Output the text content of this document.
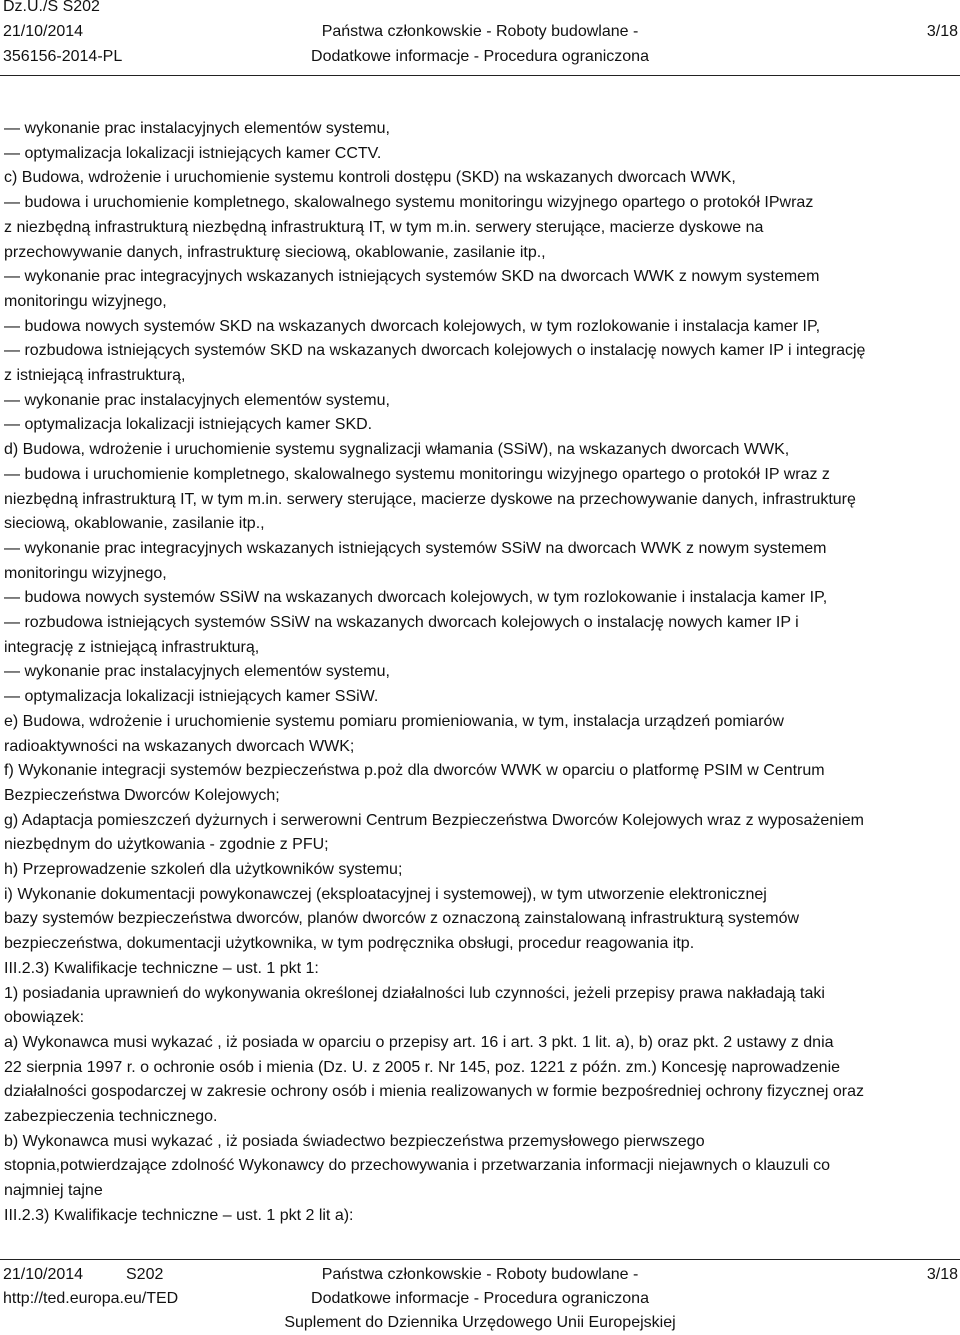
Dz.U./S S202
21/10/2014
356156-2014-PL
Państwa członkowskie - Roboty budowlane -
Dodatkowe informacje - Procedura ograniczona
3/18
— wykonanie prac instalacyjnych elementów systemu,
— optymalizacja lokalizacji istniejących kamer CCTV.
c) Budowa, wdrożenie i uruchomienie systemu kontroli dostępu (SKD) na wskazanych dworcach WWK,
— budowa i uruchomienie kompletnego, skalowalnego systemu monitoringu wizyjnego opartego o protokół IPwraz
z niezbędną infrastrukturą niezbędną infrastrukturą IT, w tym m.in. serwery sterujące, macierze dyskowe na
przechowywanie danych, infrastrukturę sieciową, okablowanie, zasilanie itp.,
— wykonanie prac integracyjnych wskazanych istniejących systemów SKD na dworcach WWK z nowym systemem
monitoringu wizyjnego,
— budowa nowych systemów SKD na wskazanych dworcach kolejowych, w tym rozlokowanie i instalacja kamer IP,
— rozbudowa istniejących systemów SKD na wskazanych dworcach kolejowych o instalację nowych kamer IP i integrację
z istniejącą infrastrukturą,
— wykonanie prac instalacyjnych elementów systemu,
— optymalizacja lokalizacji istniejących kamer SKD.
d) Budowa, wdrożenie i uruchomienie systemu sygnalizacji włamania (SSiW), na wskazanych dworcach WWK,
— budowa i uruchomienie kompletnego, skalowalnego systemu monitoringu wizyjnego opartego o protokół IP wraz z
niezbędną infrastrukturą IT, w tym m.in. serwery sterujące, macierze dyskowe na przechowywanie danych, infrastrukturę
sieciową, okablowanie, zasilanie itp.,
— wykonanie prac integracyjnych wskazanych istniejących systemów SSiW na dworcach WWK z nowym systemem
monitoringu wizyjnego,
— budowa nowych systemów SSiW na wskazanych dworcach kolejowych, w tym rozlokowanie i instalacja kamer IP,
— rozbudowa istniejących systemów SSiW na wskazanych dworcach kolejowych o instalację nowych kamer IP i
integrację z istniejącą infrastrukturą,
— wykonanie prac instalacyjnych elementów systemu,
— optymalizacja lokalizacji istniejących kamer SSiW.
e) Budowa, wdrożenie i uruchomienie systemu pomiaru promieniowania, w tym, instalacja urządzeń pomiarów
radioaktywności na wskazanych dworcach WWK;
f) Wykonanie integracji systemów bezpieczeństwa p.poż dla dworców WWK w oparciu o platformę PSIM w Centrum
Bezpieczeństwa Dworców Kolejowych;
g) Adaptacja pomieszczeń dyżurnych i serwerowni Centrum Bezpieczeństwa Dworców Kolejowych wraz z wyposażeniem
niezbędnym do użytkowania - zgodnie z PFU;
h) Przeprowadzenie szkoleń dla użytkowników systemu;
i) Wykonanie dokumentacji powykonawczej (eksploatacyjnej i systemowej), w tym utworzenie elektronicznej
bazy systemów bezpieczeństwa dworców, planów dworców z oznaczoną zainstalowaną infrastrukturą systemów
bezpieczeństwa, dokumentacji użytkownika, w tym podręcznika obsługi, procedur reagowania itp.
III.2.3) Kwalifikacje techniczne – ust. 1 pkt 1:
1) posiadania uprawnień do wykonywania określonej działalności lub czynności, jeżeli przepisy prawa nakładają taki
obowiązek:
a) Wykonawca musi wykazać , iż posiada w oparciu o przepisy art. 16 i art. 3 pkt. 1 lit. a), b) oraz pkt. 2 ustawy z dnia
22 sierpnia 1997 r. o ochronie osób i mienia (Dz. U. z 2005 r. Nr 145, poz. 1221 z późn. zm.) Koncesję naprowadzenie
działalności gospodarczej w zakresie ochrony osób i mienia realizowanych w formie bezpośredniej ochrony fizycznej oraz
zabezpieczenia technicznego.
b) Wykonawca musi wykazać , iż posiada świadectwo bezpieczeństwa przemysłowego pierwszego
stopnia,potwierdzające zdolność Wykonawcy do przechowywania i przetwarzania informacji niejawnych o klauzuli co
najmniej tajne
III.2.3) Kwalifikacje techniczne – ust. 1 pkt 2 lit a):
21/10/2014	S202
http://ted.europa.eu/TED
Państwa członkowskie - Roboty budowlane -
Dodatkowe informacje - Procedura ograniczona
Suplement do Dziennika Urzędowego Unii Europejskiej
3/18
